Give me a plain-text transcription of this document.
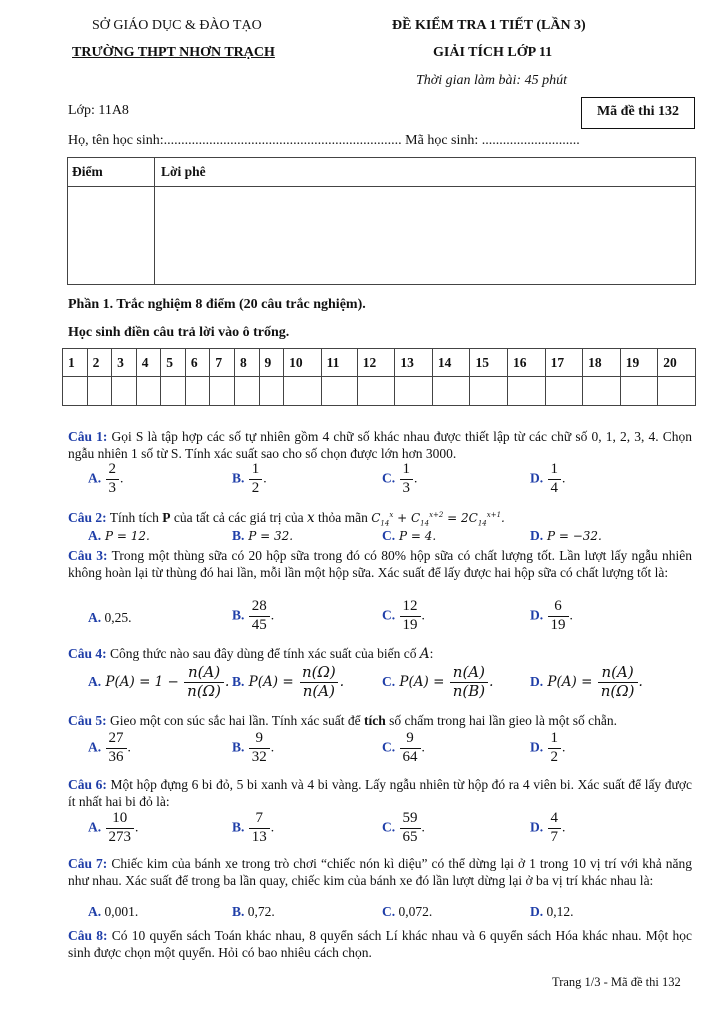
SỞ GIÁO DỤC & ĐÀO TẠO
TRƯỜNG THPT NHƠN TRẠCH
ĐỀ KIỂM TRA 1 TIẾT (LẦN 3)
GIẢI TÍCH LỚP 11
Thời gian làm bài: 45 phút
Lớp: 11A8	Mã đề thi 132
Họ, tên học sinh:.................................................................... Mã học sinh: ............................
Điểm	Lời phê

Phần 1. Trắc nghiệm 8 điểm (20 câu trắc nghiệm).
Học sinh điền câu trả lời vào ô trống.
1	2	3	4	5	6	7	8	9	10	11	12	13	14	15	16	17	18	19	20

Câu 1: Gọi S là tập hợp các số tự nhiên gồm 4 chữ số khác nhau được thiết lập từ các chữ số 0, 1, 2, 3, 4. Chọn ngẫu nhiên 1 số từ S. Tính xác suất sao cho số chọn được lớn hơn 3000.
A. $\frac{2}{3}$ .	B. $\frac{1}{2}$ .	C. $\frac{1}{3}$ .	D. $\frac{1}{4}$ .
Câu 2: Tính tích P của tất cả các giá trị của x thỏa mãn $C_{14}^x + C_{14}^{x+2} = 2C_{14}^{x+1}$.
A. P = 12.	B. P = 32.	C. P = 4.	D. P = −32.
Câu 3: Trong một thùng sữa có 20 hộp sữa trong đó có 80% hộp sữa có chất lượng tốt. Lần lượt lấy ngẫu nhiên không hoàn lại từ thùng đó hai lần, mỗi lần một hộp sữa. Xác suất để lấy được hai hộp sữa có chất lượng tốt là:
A. 0,25.	B. $\frac{28}{45}$ .	C. $\frac{12}{19}$ .	D. $\frac{6}{19}$ .
Câu 4: Công thức nào sau đây dùng để tính xác suất của biến cố A:
A. $P(A) = 1 - \frac{n(A)}{n(\Omega)}$ . B. $P(A) = \frac{n(\Omega)}{n(A)}$ .	C. $P(A) = \frac{n(A)}{n(B)}$ .	D. $P(A) = \frac{n(A)}{n(\Omega)}$ .
Câu 5: Gieo một con súc sắc hai lần. Tính xác suất để tích số chấm trong hai lần gieo là một số chẵn.
A. $\frac{27}{36}$ .	B. $\frac{9}{32}$ .	C. $\frac{9}{64}$ .	D. $\frac{1}{2}$ .
Câu 6: Một hộp đựng 6 bi đỏ, 5 bi xanh và 4 bi vàng. Lấy ngẫu nhiên từ hộp đó ra 4 viên bi. Xác suất để lấy được ít nhất hai bi đỏ là:
A. $\frac{10}{273}$ .	B. $\frac{7}{13}$ .	C. $\frac{59}{65}$ .	D. $\frac{4}{7}$ .
Câu 7: Chiếc kim của bánh xe trong trò chơi “chiếc nón kì diệu” có thể dừng lại ở 1 trong 10 vị trí với khả năng như nhau. Xác suất để trong ba lần quay, chiếc kim của bánh xe đó lần lượt dừng lại ở ba vị trí khác nhau là:
A. 0,001.	B. 0,72.	C. 0,072.	D. 0,12.
Câu 8: Có 10 quyển sách Toán khác nhau, 8 quyển sách Lí khác nhau và 6 quyển sách Hóa khác nhau. Một học sinh được chọn một quyển. Hỏi có bao nhiêu cách chọn.
Trang 1/3 - Mã đề thi 132
